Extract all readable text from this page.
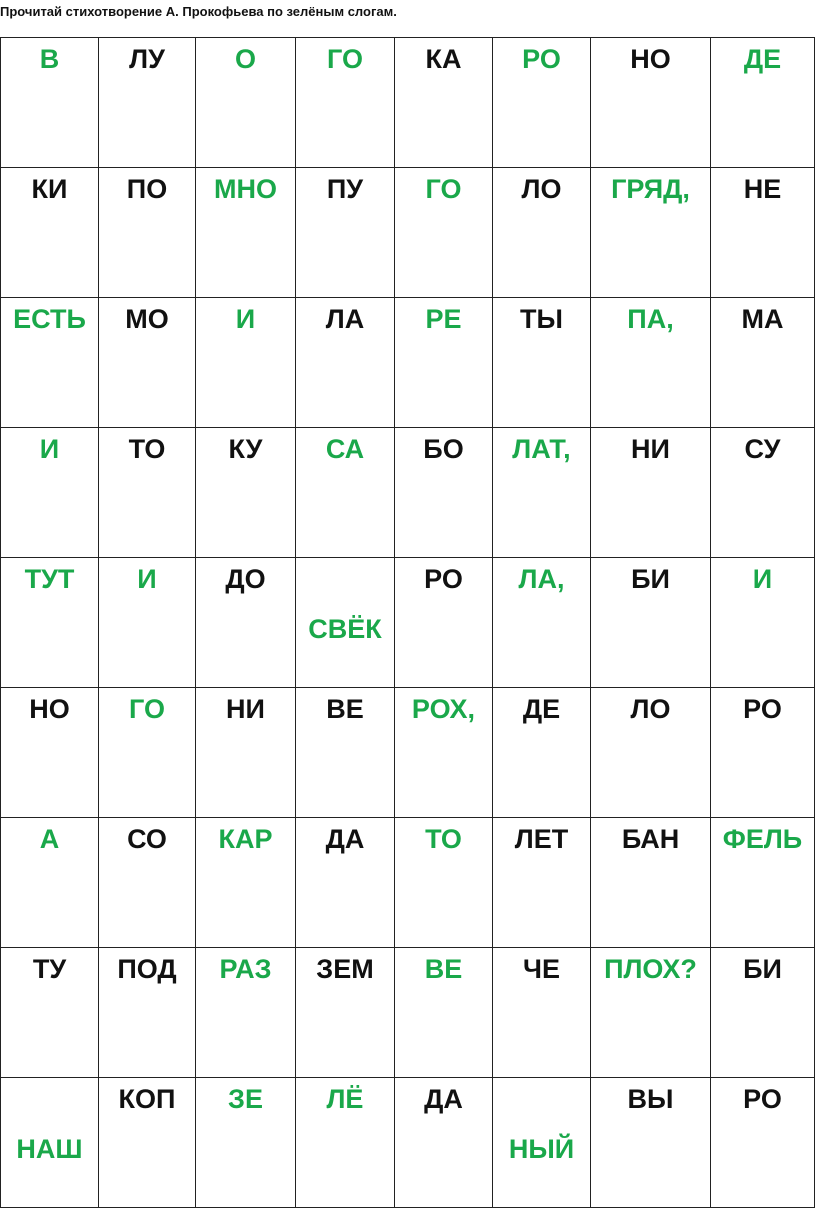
Прочитай стихотворение А. Прокофьева по зелёным слогам.
В	ЛУ	О	ГО	КА	РО	НО	ДЕ

КИ	ПО	МНО	ПУ	ГО	ЛО	ГРЯД,	НЕ

ЕСТЬ	МО	И	ЛА	РЕ	ТЫ	ПА,	МА

И	ТО	КУ	СА	БО	ЛАТ,	НИ	СУ

ТУТ	И	ДО	СВЁК	РО	ЛА,	БИ	И

НО	ГО	НИ	ВЕ	РОХ,	ДЕ	ЛО	РО

А	СО	КАР	ДА	ТО	ЛЕТ	БАН	ФЕЛЬ

ТУ	ПОД	РАЗ	ЗЕМ	ВЕ	ЧЕ	ПЛОХ?	БИ

НАШ	КОП	ЗЕ	ЛЁ	ДА	НЫЙ	ВЫ	РО
